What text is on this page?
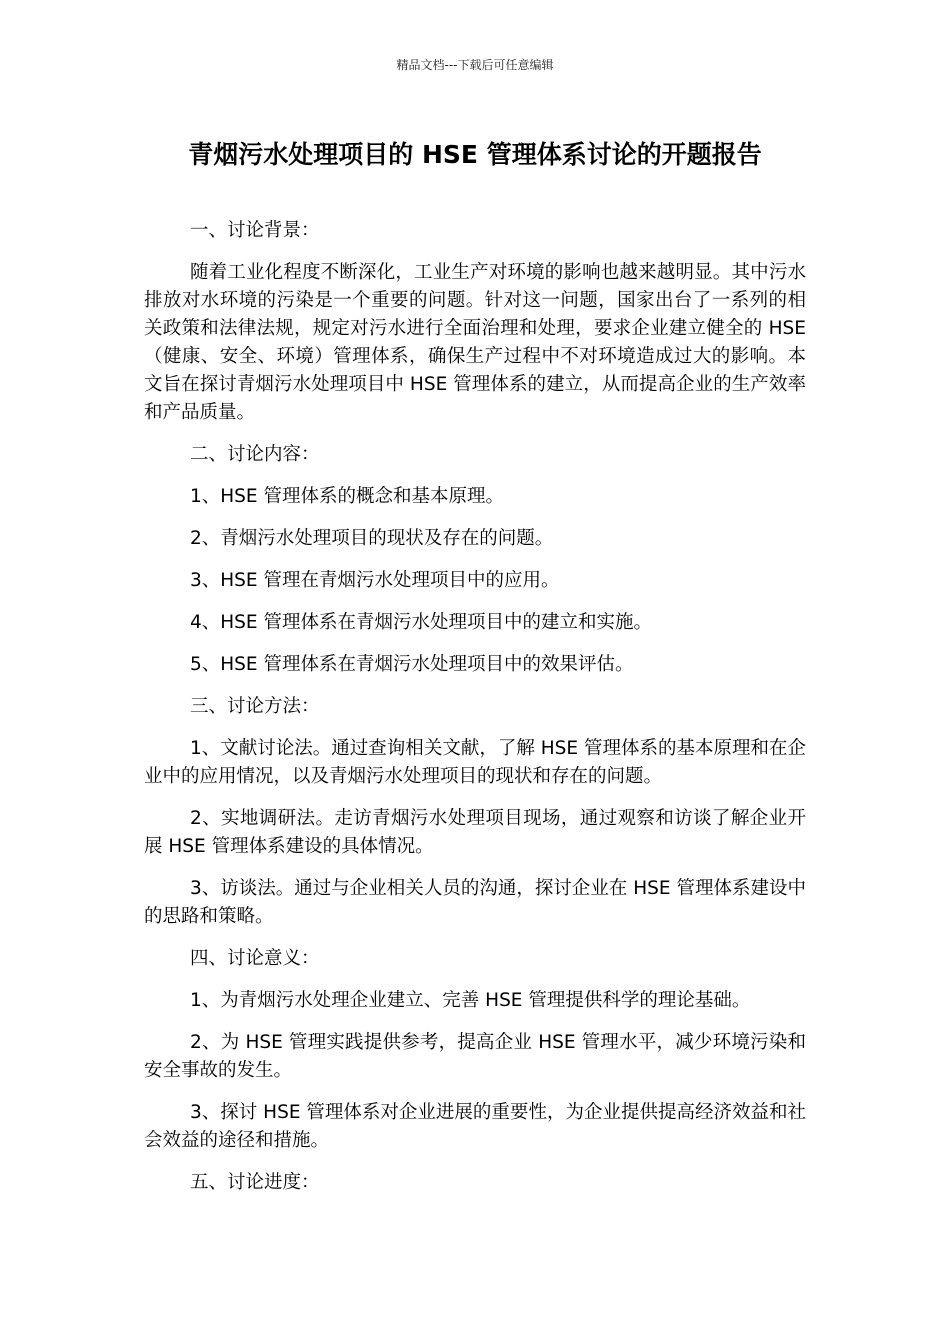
精品文档---下载后可任意编辑
青烟污水处理项目的 HSE 管理体系讨论的开题报告

一、讨论背景：

随着工业化程度不断深化，工业生产对环境的影响也越来越明显。其中污水排放对水环境的污染是一个重要的问题。针对这一问题，国家出台了一系列的相关政策和法律法规，规定对污水进行全面治理和处理，要求企业建立健全的 HSE（健康、安全、环境）管理体系，确保生产过程中不对环境造成过大的影响。本文旨在探讨青烟污水处理项目中 HSE 管理体系的建立，从而提高企业的生产效率和产品质量。

二、讨论内容：

1、HSE 管理体系的概念和基本原理。

2、青烟污水处理项目的现状及存在的问题。

3、HSE 管理在青烟污水处理项目中的应用。

4、HSE 管理体系在青烟污水处理项目中的建立和实施。

5、HSE 管理体系在青烟污水处理项目中的效果评估。

三、讨论方法：

1、文献讨论法。通过查询相关文献，了解 HSE 管理体系的基本原理和在企业中的应用情况，以及青烟污水处理项目的现状和存在的问题。

2、实地调研法。走访青烟污水处理项目现场，通过观察和访谈了解企业开展 HSE 管理体系建设的具体情况。

3、访谈法。通过与企业相关人员的沟通，探讨企业在 HSE 管理体系建设中的思路和策略。

四、讨论意义：

1、为青烟污水处理企业建立、完善 HSE 管理提供科学的理论基础。

2、为 HSE 管理实践提供参考，提高企业 HSE 管理水平，减少环境污染和安全事故的发生。

3、探讨 HSE 管理体系对企业进展的重要性，为企业提供提高经济效益和社会效益的途径和措施。

五、讨论进度：
